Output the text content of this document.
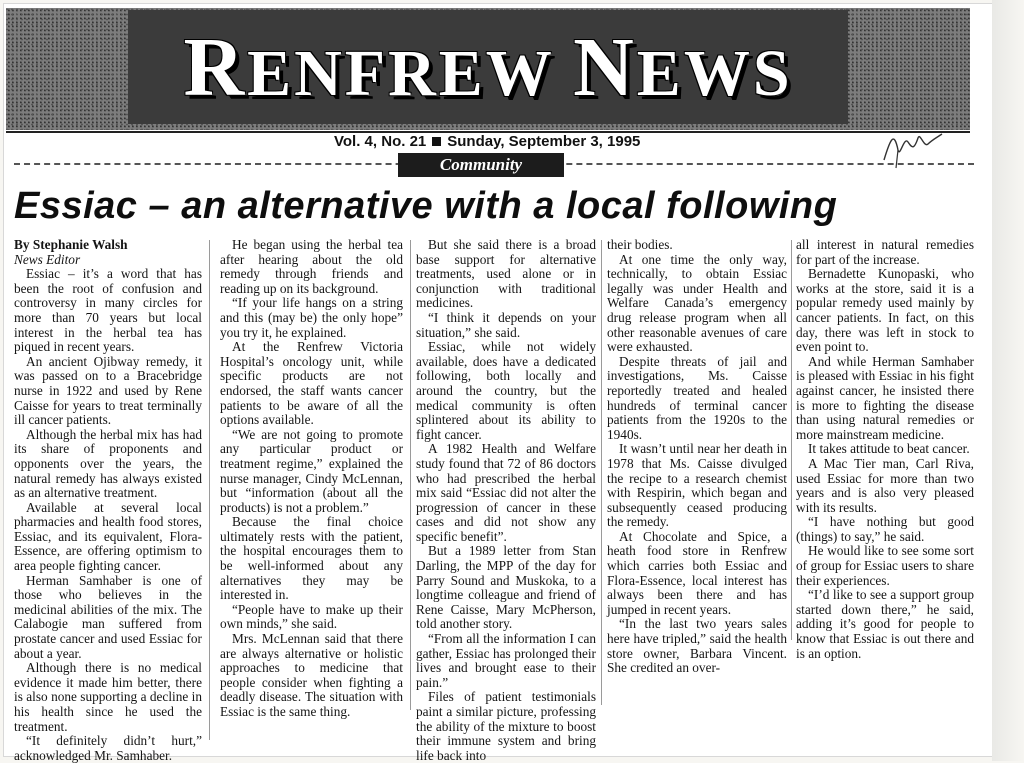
RENFREW NEWS
Vol. 4, No. 21 Sunday, September 3, 1995
Community
Essiac – an alternative with a local following

By Stephanie Walsh

News Editor

Essiac – it’s a word that has been the root of confusion and controversy in many circles for more than 70 years but local interest in the herbal tea has piqued in recent years.

An ancient Ojibway remedy, it was passed on to a Bracebridge nurse in 1922 and used by Rene Caisse for years to treat terminally ill cancer patients.

Although the herbal mix has had its share of proponents and opponents over the years, the natural remedy has always existed as an alternative treatment.

Available at several local pharmacies and health food stores, Essiac, and its equivalent, Flora-Essence, are offering optimism to area people fighting cancer.

Herman Samhaber is one of those who believes in the medicinal abilities of the mix. The Calabogie man suffered from prostate cancer and used Essiac for about a year.

Although there is no medical evidence it made him better, there is also none supporting a decline in his health since he used the treatment.

“It definitely didn’t hurt,” acknowledged Mr. Samhaber.

He began using the herbal tea after hearing about the old remedy through friends and reading up on its background.

“If your life hangs on a string and this (may be) the only hope” you try it, he explained.

At the Renfrew Victoria Hospital’s oncology unit, while specific products are not endorsed, the staff wants cancer patients to be aware of all the options available.

“We are not going to promote any particular product or treatment regime,” explained the nurse manager, Cindy McLennan, but “information (about all the products) is not a problem.”

Because the final choice ultimately rests with the patient, the hospital encourages them to be well-informed about any alternatives they may be interested in.

“People have to make up their own minds,” she said.

Mrs. McLennan said that there are always alternative or holistic approaches to medicine that people consider when fighting a deadly disease. The situation with Essiac is the same thing.

But she said there is a broad base support for alternative treatments, used alone or in conjunction with traditional medicines.

“I think it depends on your situation,” she said.

Essiac, while not widely available, does have a dedicated following, both locally and around the country, but the medical community is often splintered about its ability to fight cancer.

A 1982 Health and Welfare study found that 72 of 86 doctors who had prescribed the herbal mix said “Essiac did not alter the progression of cancer in these cases and did not show any specific benefit”.

But a 1989 letter from Stan Darling, the MPP of the day for Parry Sound and Muskoka, to a longtime colleague and friend of Rene Caisse, Mary McPherson, told another story.

“From all the information I can gather, Essiac has prolonged their lives and brought ease to their pain.”

Files of patient testimonials paint a similar picture, professing the ability of the mixture to boost their immune system and bring life back into

their bodies.

At one time the only way, technically, to obtain Essiac legally was under Health and Welfare Canada’s emergency drug release program when all other reasonable avenues of care were exhausted.

Despite threats of jail and investigations, Ms. Caisse reportedly treated and healed hundreds of terminal cancer patients from the 1920s to the 1940s.

It wasn’t until near her death in 1978 that Ms. Caisse divulged the recipe to a research chemist with Respirin, which began and subsequently ceased producing the remedy.

At Chocolate and Spice, a heath food store in Renfrew which carries both Essiac and Flora-Essence, local interest has always been there and has jumped in recent years.

“In the last two years sales here have tripled,” said the health store owner, Barbara Vincent. She credited an over-

all interest in natural remedies for part of the increase.

Bernadette Kunopaski, who works at the store, said it is a popular remedy used mainly by cancer patients. In fact, on this day, there was left in stock to even point to.

And while Herman Samhaber is pleased with Essiac in his fight against cancer, he insisted there is more to fighting the disease than using natural remedies or more mainstream medicine.

It takes attitude to beat cancer.

A Mac Tier man, Carl Riva, used Essiac for more than two years and is also very pleased with its results.

“I have nothing but good (things) to say,” he said.

He would like to see some sort of group for Essiac users to share their experiences.

“I’d like to see a support group started down there,” he said, adding it’s good for people to know that Essiac is out there and is an option.
